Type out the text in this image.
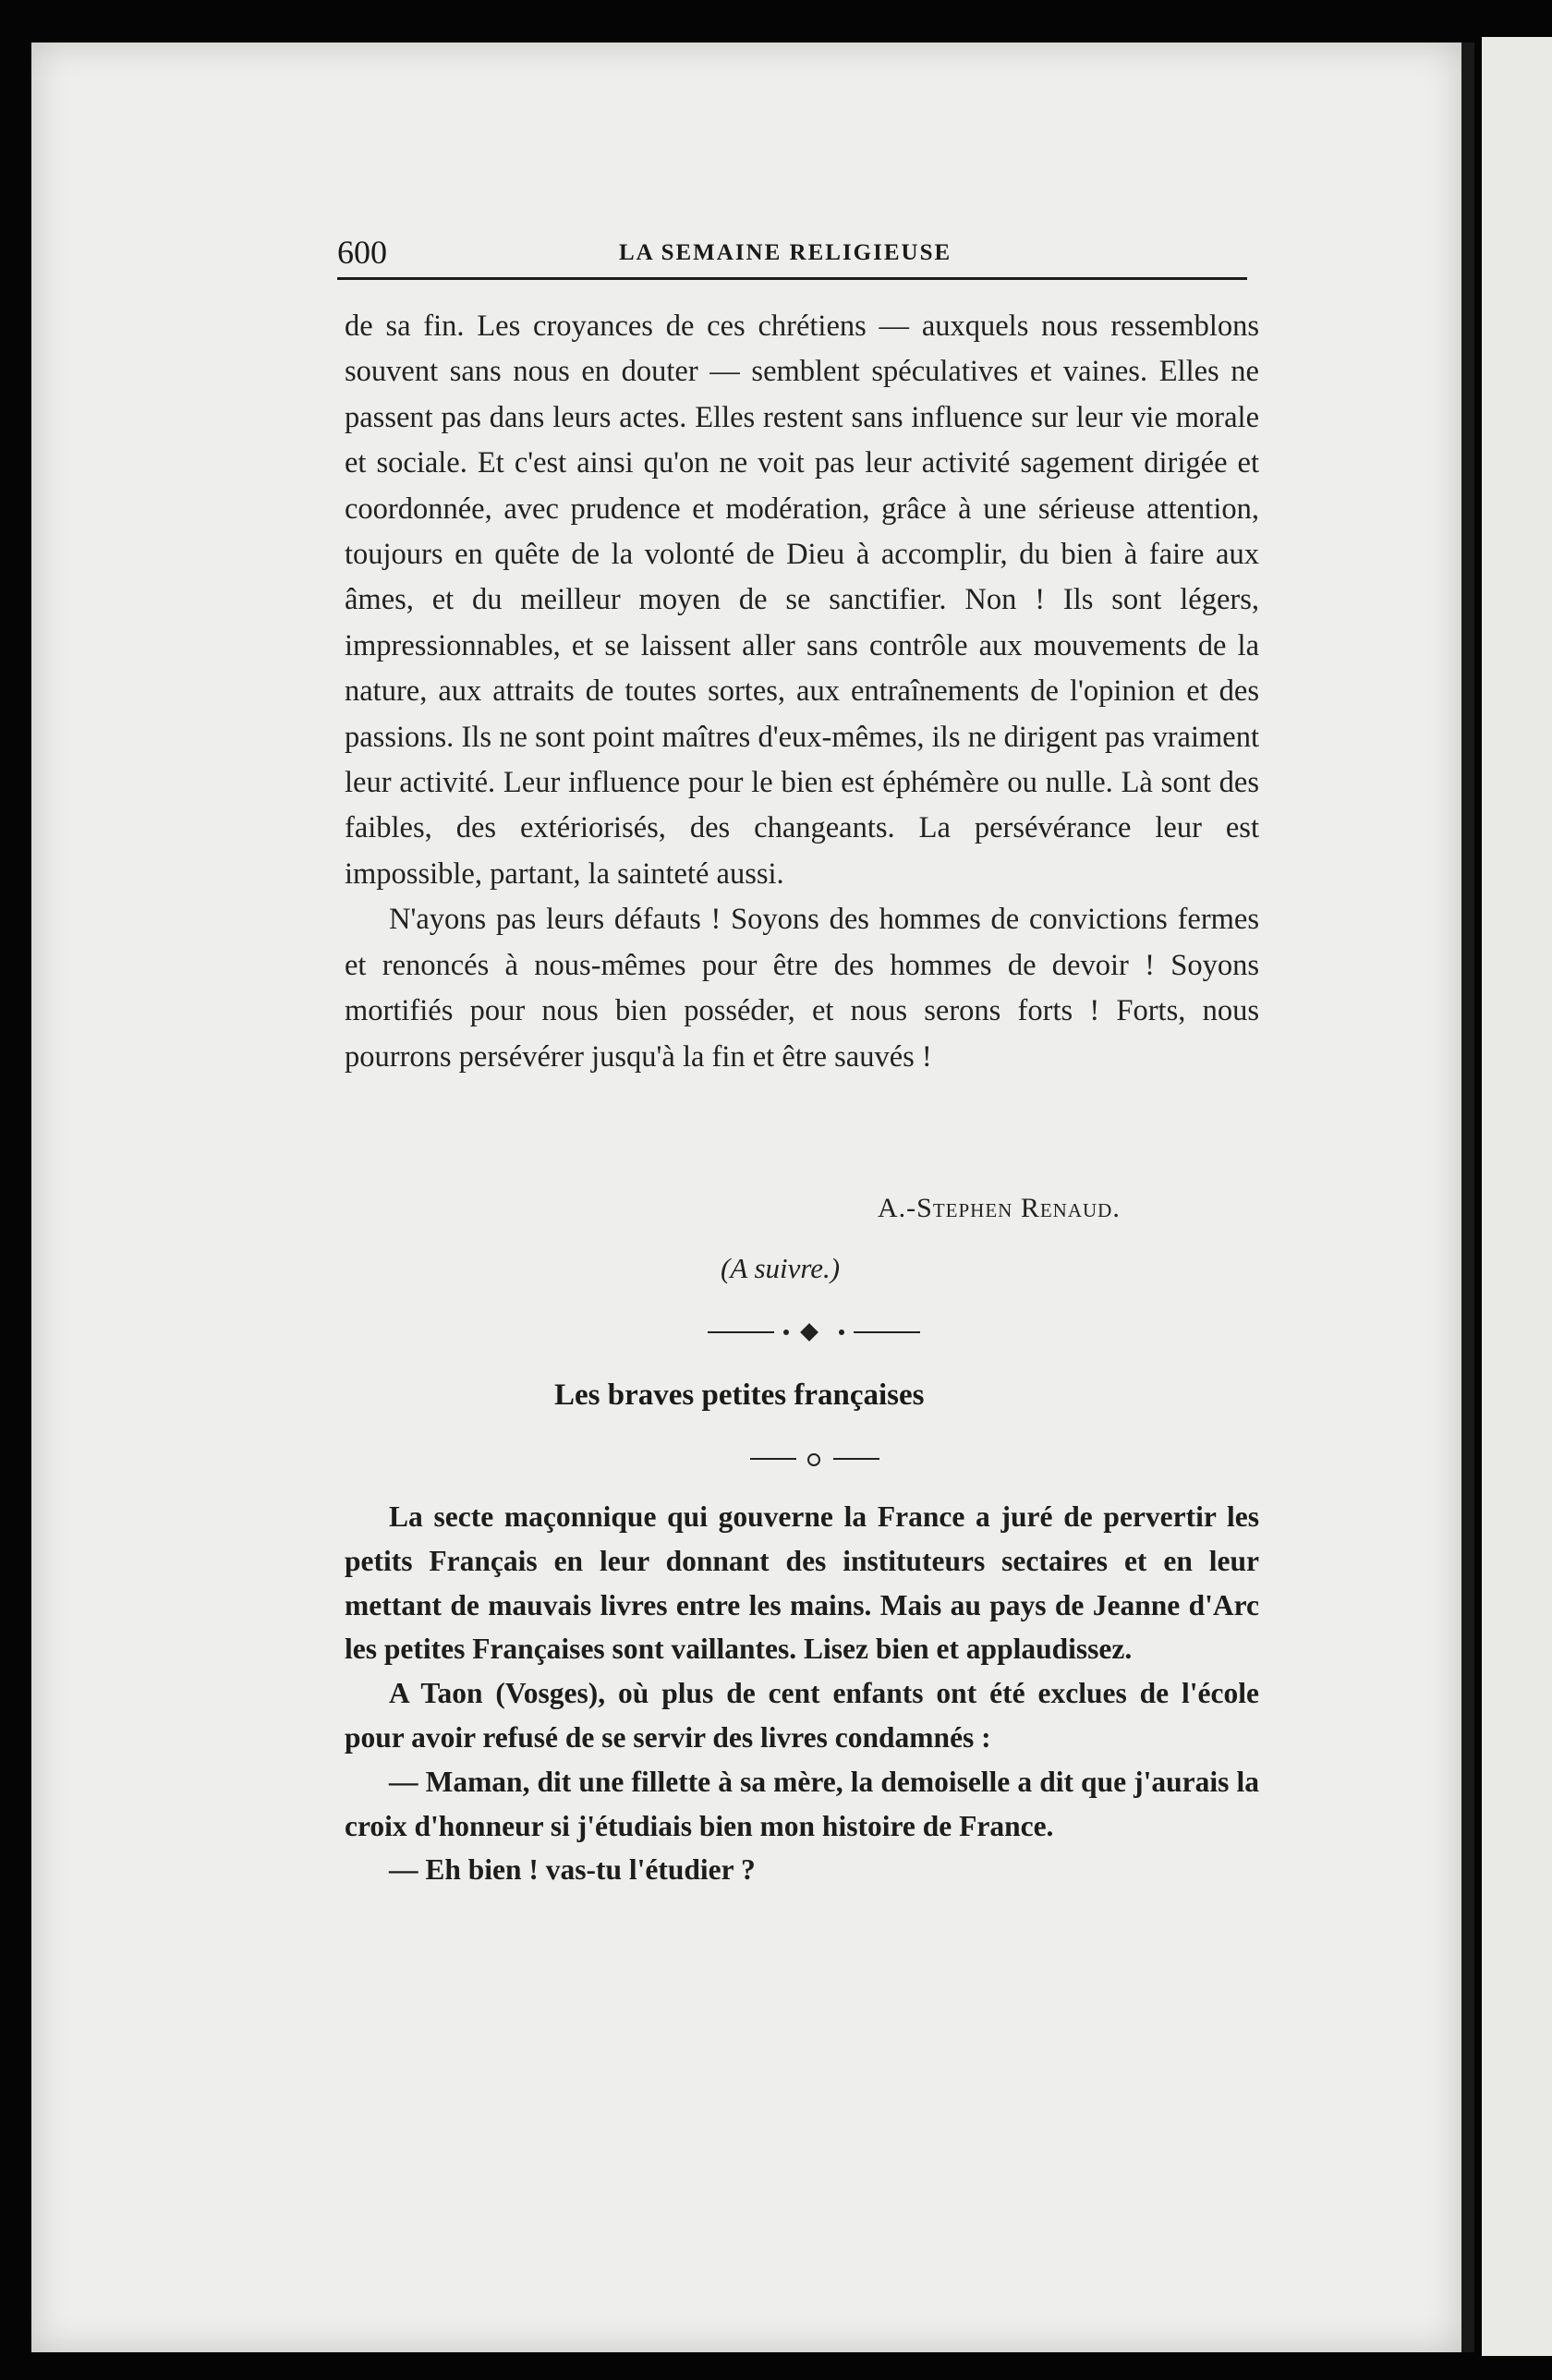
600	LA SEMAINE RELIGIEUSE

de sa fin. Les croyances de ces chrétiens — auxquels nous ressemblons souvent sans nous en douter — semblent spéculatives et vaines. Elles ne passent pas dans leurs actes. Elles restent sans influence sur leur vie morale et sociale. Et c'est ainsi qu'on ne voit pas leur activité sagement dirigée et coordonnée, avec prudence et modération, grâce à une sérieuse attention, toujours en quête de la volonté de Dieu à accomplir, du bien à faire aux âmes, et du meilleur moyen de se sanctifier. Non ! Ils sont légers, impressionnables, et se laissent aller sans contrôle aux mouvements de la nature, aux attraits de toutes sortes, aux entraînements de l'opinion et des passions. Ils ne sont point maîtres d'eux-mêmes, ils ne dirigent pas vraiment leur activité. Leur influence pour le bien est éphémère ou nulle. Là sont des faibles, des extériorisés, des changeants. La persévérance leur est impossible, partant, la sainteté aussi.

N'ayons pas leurs défauts ! Soyons des hommes de convictions fermes et renoncés à nous-mêmes pour être des hommes de devoir ! Soyons mortifiés pour nous bien posséder, et nous serons forts ! Forts, nous pourrons persévérer jusqu'à la fin et être sauvés !

A.-Stephen Renaud.
(A suivre.)
Les braves petites françaises

La secte maçonnique qui gouverne la France a juré de pervertir les petits Français en leur donnant des instituteurs sectaires et en leur mettant de mauvais livres entre les mains. Mais au pays de Jeanne d'Arc les petites Françaises sont vaillantes. Lisez bien et applaudissez.

A Taon (Vosges), où plus de cent enfants ont été exclues de l'école pour avoir refusé de se servir des livres condamnés :

— Maman, dit une fillette à sa mère, la demoiselle a dit que j'aurais la croix d'honneur si j'étudiais bien mon histoire de France.

— Eh bien ! vas-tu l'étudier ?
